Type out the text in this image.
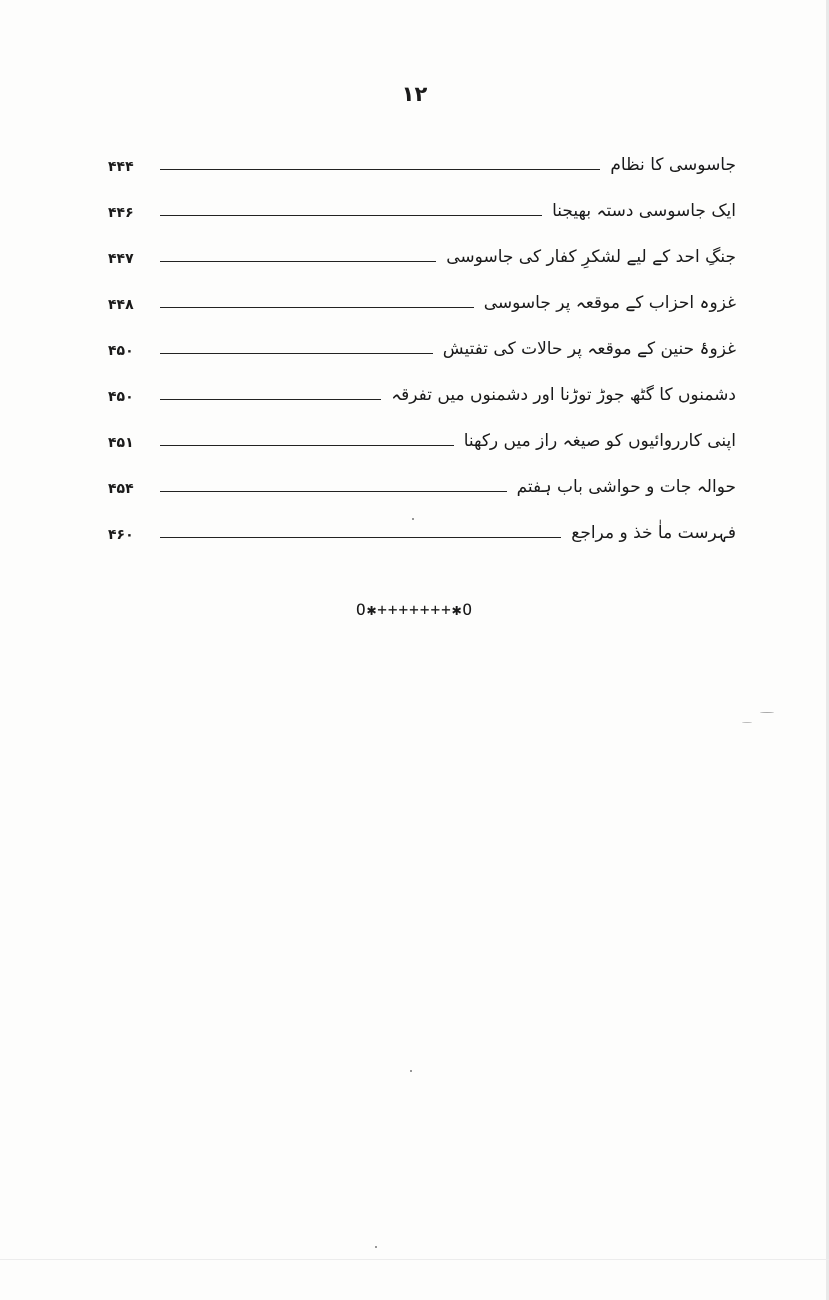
١٢
جاسوسی کا نظام
۴۴۴
ایک جاسوسی دستہ بھیجنا
۴۴۶
جنگِ احد کے لیے لشکرِ کفار کی جاسوسی
۴۴۷
غزوہ احزاب کے موقعہ پر جاسوسی
۴۴۸
غزوۂ حنین کے موقعہ پر حالات کی تفتیش
۴۵۰
دشمنوں کا گٹھ جوڑ توڑنا اور دشمنوں میں تفرقہ
۴۵۰
اپنی کارروائیوں کو صیغہ راز میں رکھنا
۴۵۱
حوالہ جات و حواشی باب ہفتم
۴۵۴
فہرست ماٰ خذ و مراجع
۴۶۰
O✱+++++++✱O
